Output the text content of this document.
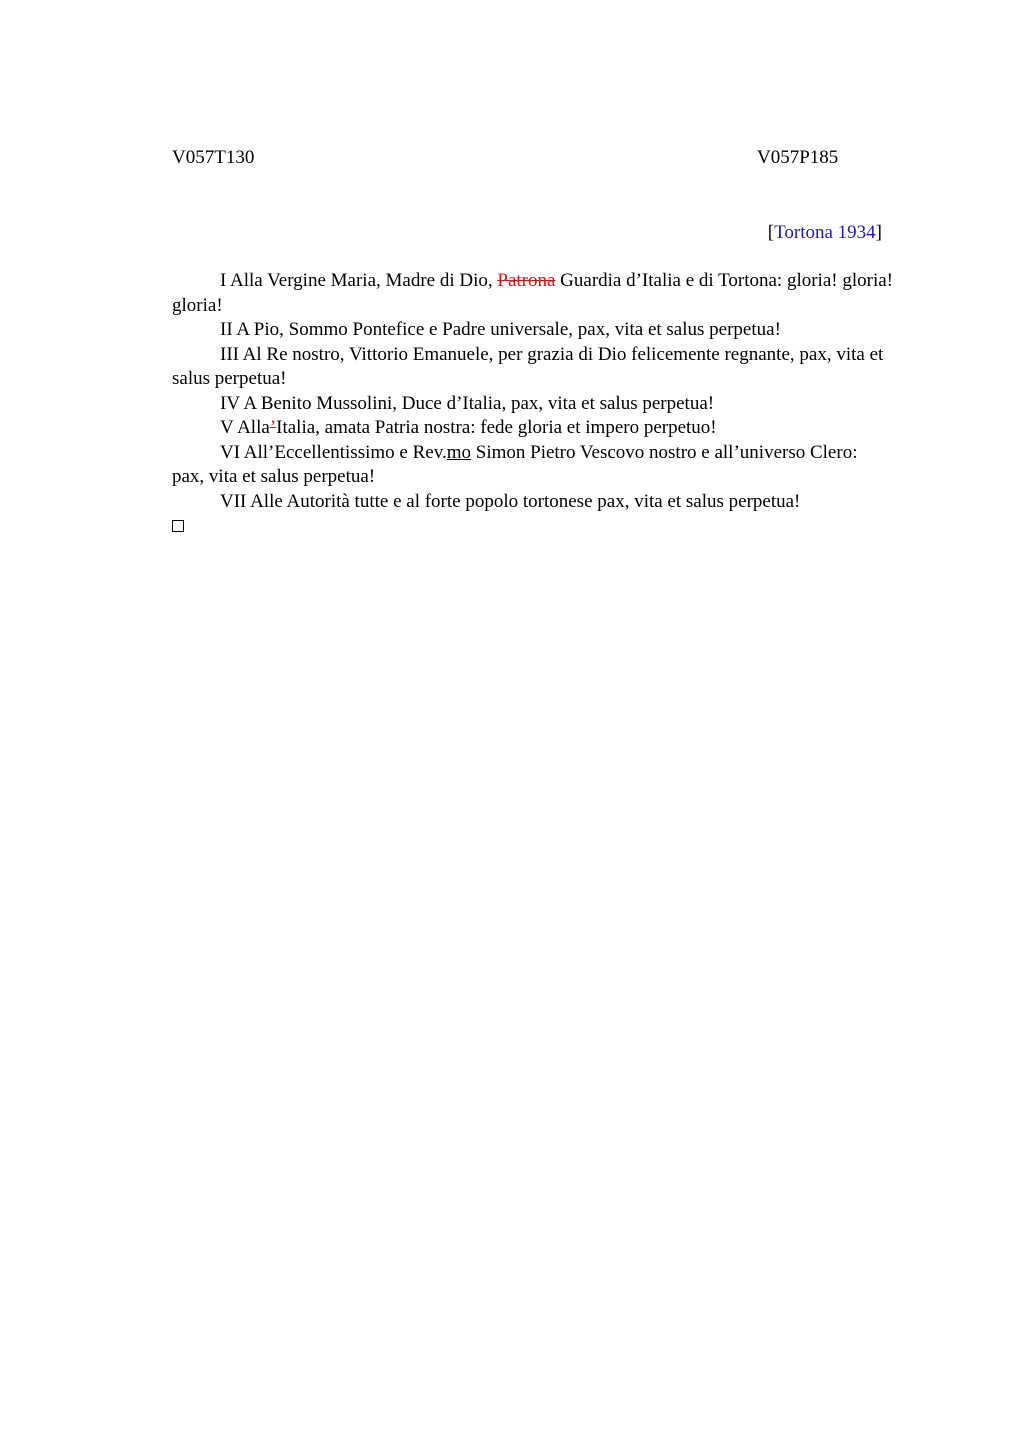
V057T130	V057P185
[Tortona 1934]

I Alla Vergine Maria, Madre di Dio, Patrona Guardia d’Italia e di Tortona: gloria! gloria! gloria!

II A Pio, Sommo Pontefice e Padre universale, pax, vita et salus perpetua!

III Al Re nostro, Vittorio Emanuele, per grazia di Dio felicemente regnante, pax, vita et salus perpetua!

IV A Benito Mussolini, Duce d’Italia, pax, vita et salus perpetua!

V Alla’Italia, amata Patria nostra: fede gloria et impero perpetuo!

VI All’Eccellentissimo e Rev.mo Simon Pietro Vescovo nostro e all’universo Clero:

pax, vita et salus perpetua!

VII Alle Autorità tutte e al forte popolo tortonese pax, vita et salus perpetua!
